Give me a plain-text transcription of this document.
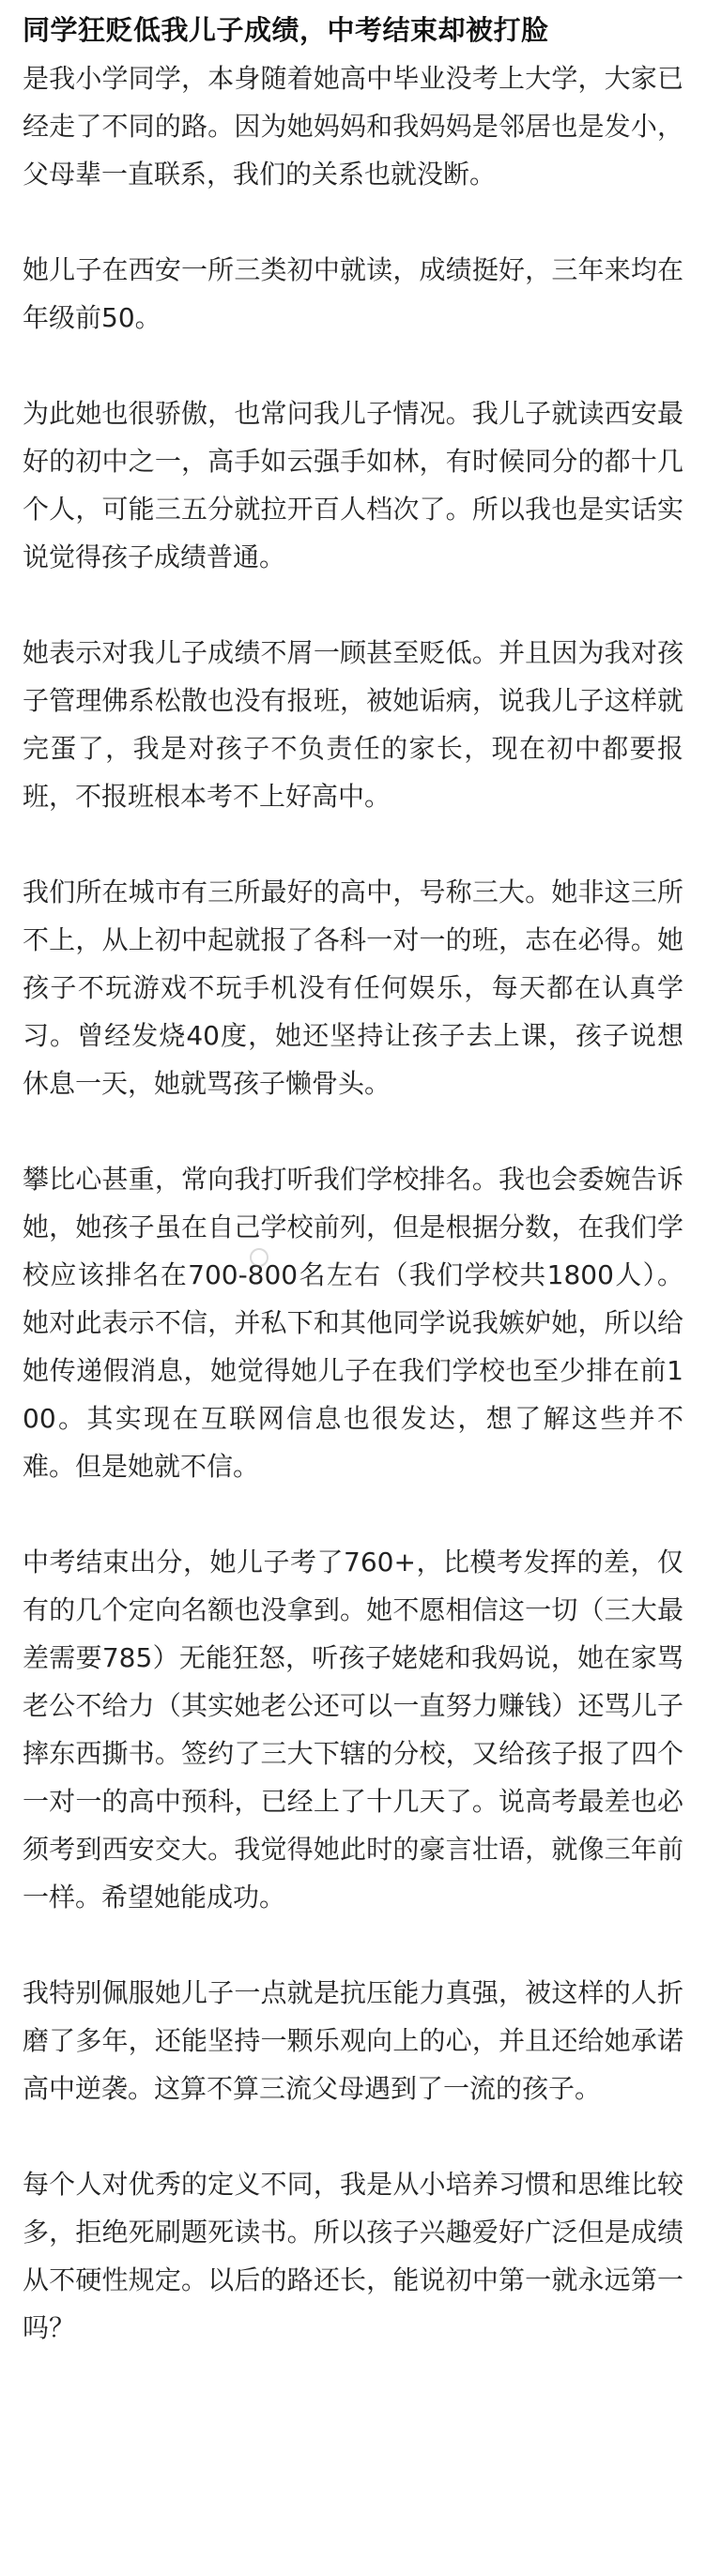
同学狂贬低我儿子成绩，中考结束却被打脸

是我小学同学，本身随着她高中毕业没考上大学，大家已经走了不同的路。因为她妈妈和我妈妈是邻居也是发小，父母辈一直联系，我们的关系也就没断。

她儿子在西安一所三类初中就读，成绩挺好，三年来均在年级前50。

为此她也很骄傲，也常问我儿子情况。我儿子就读西安最好的初中之一，高手如云强手如林，有时候同分的都十几个人，可能三五分就拉开百人档次了。所以我也是实话实说觉得孩子成绩普通。

她表示对我儿子成绩不屑一顾甚至贬低。并且因为我对孩子管理佛系松散也没有报班，被她诟病，说我儿子这样就完蛋了，我是对孩子不负责任的家长，现在初中都要报班，不报班根本考不上好高中。

我们所在城市有三所最好的高中，号称三大。她非这三所不上，从上初中起就报了各科一对一的班，志在必得。她孩子不玩游戏不玩手机没有任何娱乐，每天都在认真学习。曾经发烧40度，她还坚持让孩子去上课，孩子说想休息一天，她就骂孩子懒骨头。

攀比心甚重，常向我打听我们学校排名。我也会委婉告诉她，她孩子虽在自己学校前列，但是根据分数，在我们学校应该排名在700-800名左右（我们学校共1800人）。她对此表示不信，并私下和其他同学说我嫉妒她，所以给她传递假消息，她觉得她儿子在我们学校也至少排在前100。其实现在互联网信息也很发达，想了解这些并不难。但是她就不信。

中考结束出分，她儿子考了760+，比模考发挥的差，仅有的几个定向名额也没拿到。她不愿相信这一切（三大最差需要785）无能狂怒，听孩子姥姥和我妈说，她在家骂老公不给力（其实她老公还可以一直努力赚钱）还骂儿子摔东西撕书。签约了三大下辖的分校，又给孩子报了四个一对一的高中预科，已经上了十几天了。说高考最差也必须考到西安交大。我觉得她此时的豪言壮语，就像三年前一样。希望她能成功。

我特别佩服她儿子一点就是抗压能力真强，被这样的人折磨了多年，还能坚持一颗乐观向上的心，并且还给她承诺高中逆袭。这算不算三流父母遇到了一流的孩子。

每个人对优秀的定义不同，我是从小培养习惯和思维比较多，拒绝死刷题死读书。所以孩子兴趣爱好广泛但是成绩从不硬性规定。以后的路还长，能说初中第一就永远第一吗？
